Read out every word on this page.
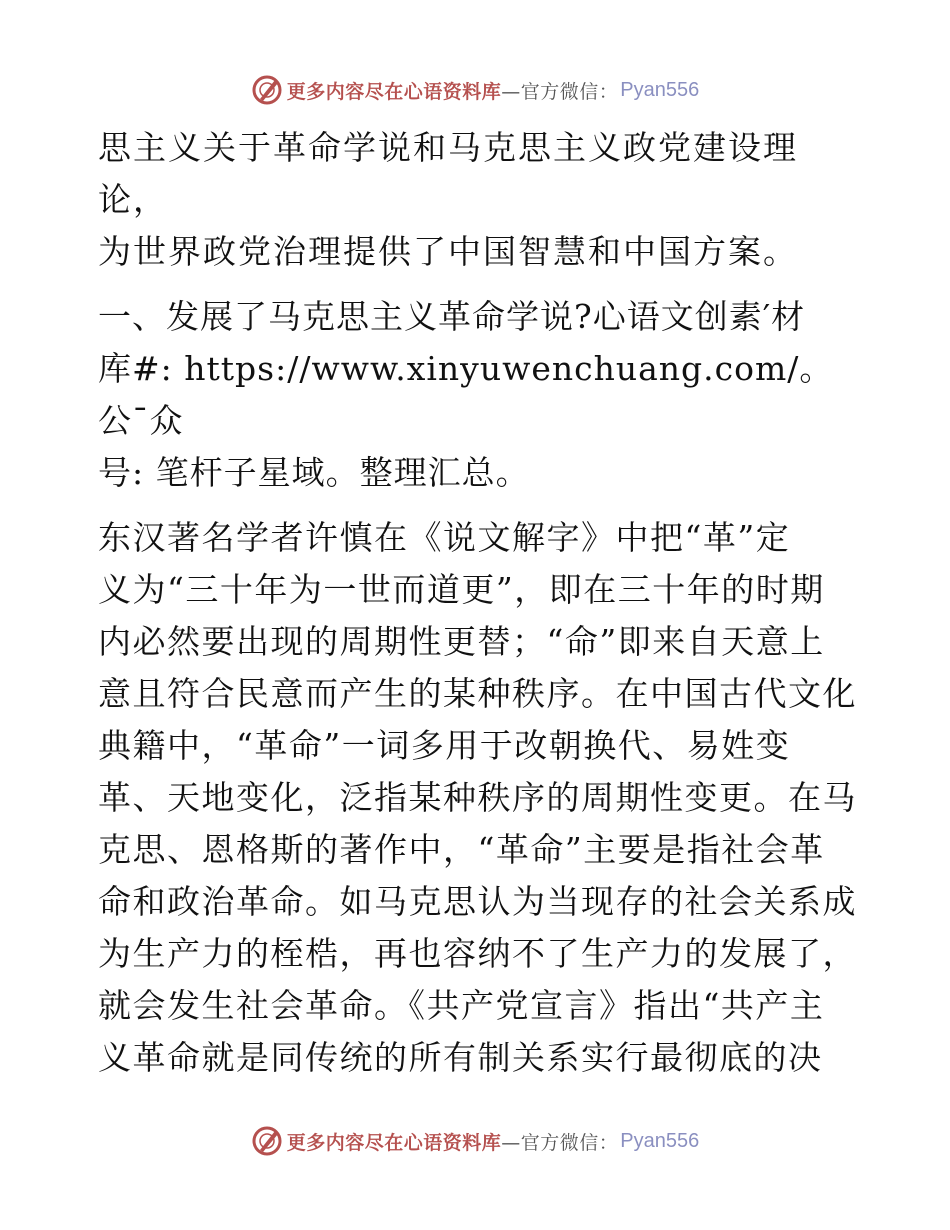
更多内容尽在心语资料库 —官方微信： Pyan556

思主义关于革命学说和马克思主义政党建设理论，
为世界政党治理提供了中国智慧和中国方案。

一、发展了马克思主义革命学说?心语文创素′材
库#: https://www.xinyuwenchuang.com/。公¯众
号: 笔杆子星域。整理汇总。

东汉著名学者许慎在《说文解字》中把“革”定
义为“三十年为一世而道更”，即在三十年的时期
内必然要出现的周期性更替；“命”即来自天意上
意且符合民意而产生的某种秩序。在中国古代文化
典籍中，“革命”一词多用于改朝换代、易姓变
革、天地变化，泛指某种秩序的周期性变更。在马
克思、恩格斯的著作中，“革命”主要是指社会革
命和政治革命。如马克思认为当现存的社会关系成
为生产力的桎梏，再也容纳不了生产力的发展了，
就会发生社会革命。《共产党宣言》指出“共产主
义革命就是同传统的所有制关系实行最彻底的决

更多内容尽在心语资料库 —官方微信： Pyan556
